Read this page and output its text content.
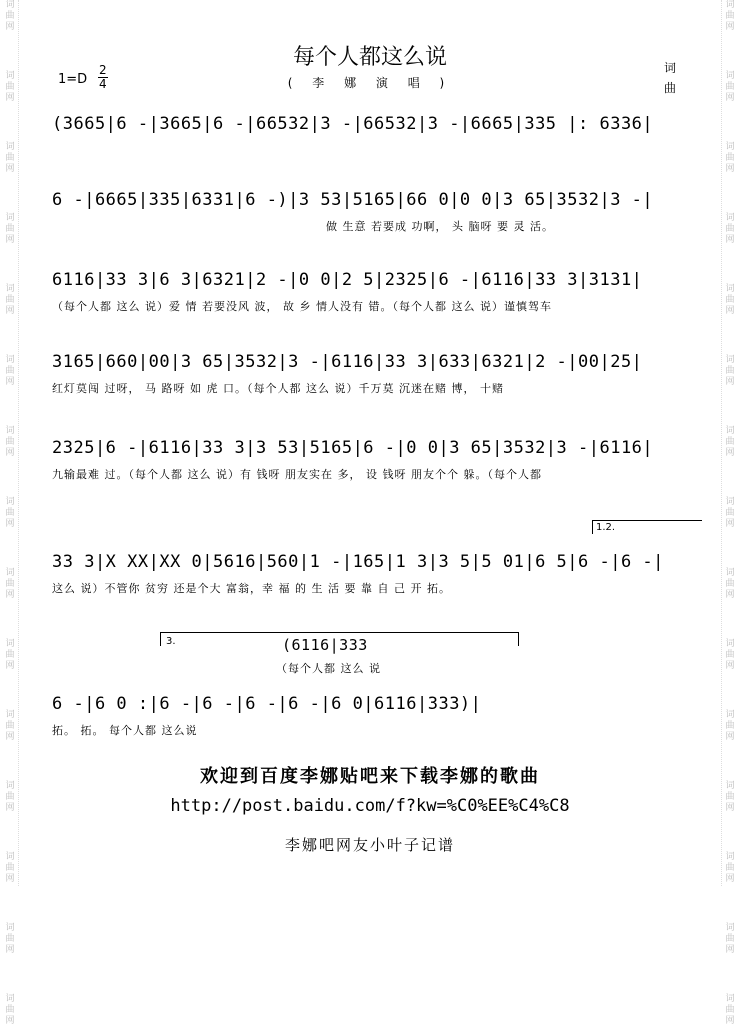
词曲网
词曲网
词曲网
词曲网
词曲网
词曲网
词曲网
词曲网
词曲网
词曲网
词曲网
词曲网
词曲网
词曲网
词曲网
词曲网
词曲网
词曲网
词曲网
词曲网
词曲网
词曲网
词曲网
词曲网
词曲网
词曲网
词曲网
词曲网
词曲网
词曲网
每个人都这么说
( 李 娜 演 唱 )
1=D
2
4
词
曲
(3665|6 -|3665|6 -|66532|3 -|66532|3 -|6665|335 |: 6336|
6 -|6665|335|6331|6 -)|3 53|5165|66 0|0 0|3 65|3532|3 -|
做 生意 若要成 功啊， 头 脑呀 要 灵 活。
6116|33 3|6 3|6321|2 -|0 0|2 5|2325|6 -|6116|33 3|3131|
（每个人都 这么 说）爱 情 若要没风 波， 故 乡 情人没有 错。（每个人都 这么 说）谨慎驾车
3165|660|00|3 65|3532|3 -|6116|33 3|633|6321|2 -|00|25|
红灯莫闯 过呀， 马 路呀 如 虎 口。（每个人都 这么 说）千万莫 沉迷在赌 博， 十赌
2325|6 -|6116|33 3|3 53|5165|6 -|0 0|3 65|3532|3 -|6116|
九输最难 过。（每个人都 这么 说）有 钱呀 朋友实在 多， 设 钱呀 朋友个个 躲。（每个人都
1.2.
33 3|X XX|XX 0|5616|560|1 -|165|1 3|3 5|5 01|6 5|6 -|6 -|
这么 说）不管你 贫穷 还是个大 富翁，幸 福 的 生 活 要 靠 自 己 开 拓。
3.	(6116|333
（每个人都 这么 说
6 -|6 0 :|6 -|6 -|6 -|6 -|6 0|6116|333)|
拓。 拓。 每个人都 这么说
欢迎到百度李娜贴吧来下载李娜的歌曲
http://post.baidu.com/f?kw=%C0%EE%C4%C8
李娜吧网友小叶子记谱
